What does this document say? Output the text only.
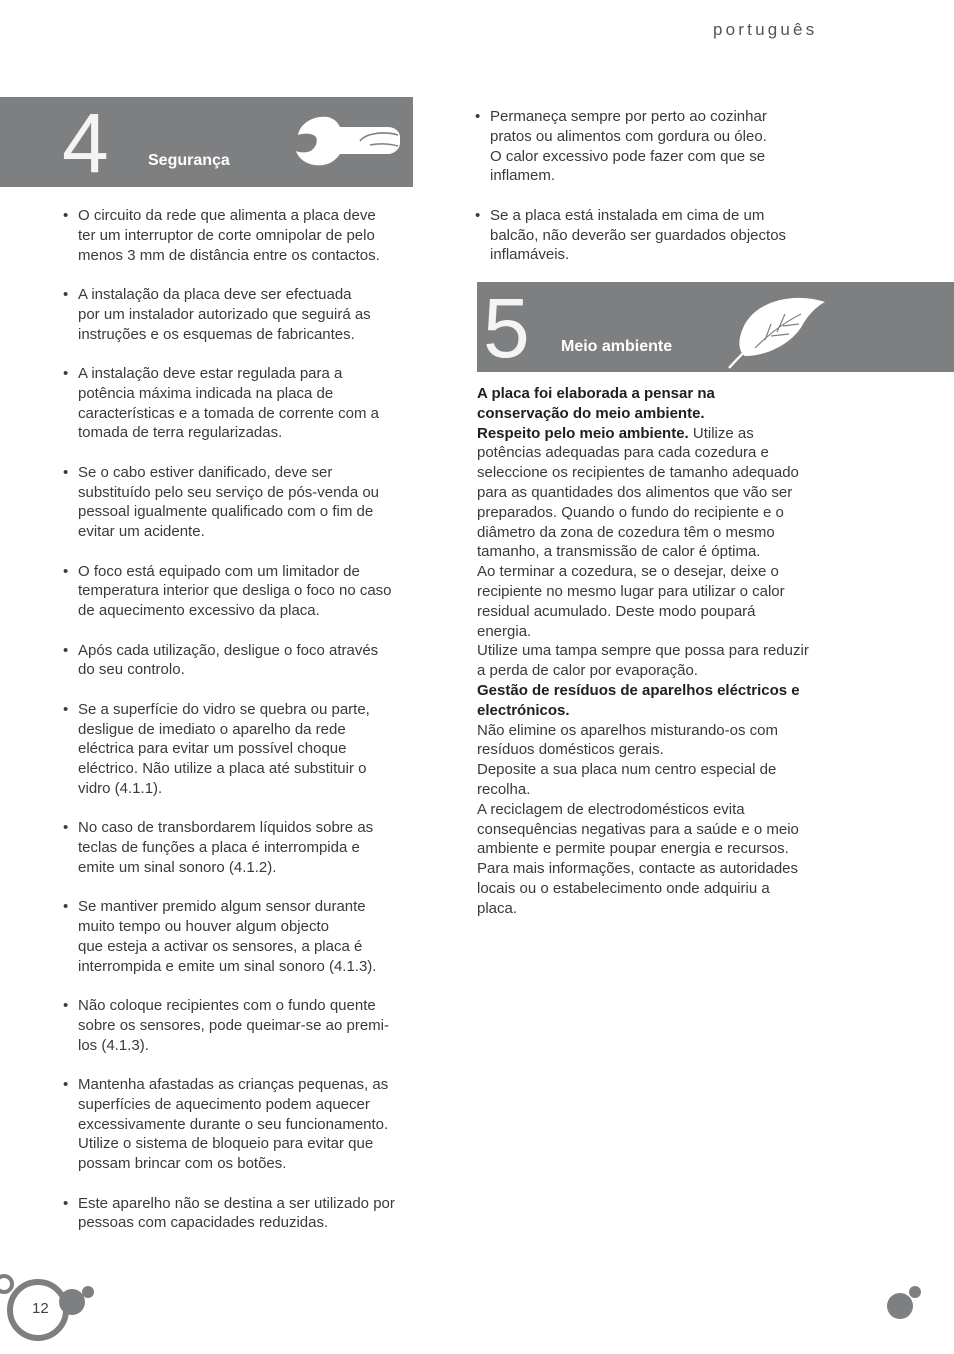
português
4 Segurança
• O circuito da rede que alimenta a placa deve
ter um interruptor de corte omnipolar de pelo
menos 3 mm de distância entre os contactos.
• A instalação da placa deve ser efectuada
por um instalador autorizado que seguirá as
instruções e os esquemas de fabricantes.
• A instalação deve estar regulada para a
potência máxima indicada na placa de
características e a tomada de corrente com a
tomada de terra regularizadas.
• Se o cabo estiver danificado, deve ser
substituído pelo seu serviço de pós-venda ou
pessoal igualmente qualificado com o fim de
evitar um acidente.
• O foco está equipado com um limitador de
temperatura interior que desliga o foco no caso
de aquecimento excessivo da placa.
• Após cada utilização, desligue o foco através
do seu controlo.
• Se a superfície do vidro se quebra ou parte,
desligue de imediato o aparelho da rede
eléctrica para evitar um possível choque
eléctrico. Não utilize a placa até substituir o
vidro (4.1.1).
• No caso de transbordarem líquidos sobre as
teclas de funções a placa é interrompida e
emite um sinal sonoro (4.1.2).
• Se mantiver premido algum sensor durante
muito tempo ou houver algum objecto
que esteja a activar os sensores, a placa é
interrompida e emite um sinal sonoro (4.1.3).
• Não coloque recipientes com o fundo quente
sobre os sensores, pode queimar-se ao premi-
los (4.1.3).
• Mantenha afastadas as crianças pequenas, as
superfícies de aquecimento podem aquecer
excessivamente durante o seu funcionamento.
Utilize o sistema de bloqueio para evitar que
possam brincar com os botões.
• Este aparelho não se destina a ser utilizado por
pessoas com capacidades reduzidas.
• Permaneça sempre por perto ao cozinhar
pratos ou alimentos com gordura ou óleo.
O calor excessivo pode fazer com que se
inflamem.
• Se a placa está instalada em cima de um
balcão, não deverão ser guardados objectos
inflamáveis.
5 Meio ambiente

A placa foi elaborada a pensar na
conservação do meio ambiente.

Respeito pelo meio ambiente. Utilize as
potências adequadas para cada cozedura e
seleccione os recipientes de tamanho adequado
para as quantidades dos alimentos que vão ser
preparados. Quando o fundo do recipiente e o
diâmetro da zona de cozedura têm o mesmo
tamanho, a transmissão de calor é óptima.
Ao terminar a cozedura, se o desejar, deixe o
recipiente no mesmo lugar para utilizar o calor
residual acumulado. Deste modo poupará
energia.
Utilize uma tampa sempre que possa para reduzir
a perda de calor por evaporação.

Gestão de resíduos de aparelhos eléctricos e
electrónicos.

Não elimine os aparelhos misturando-os com
resíduos domésticos gerais.
Deposite a sua placa num centro especial de
recolha.
A reciclagem de electrodomésticos evita
consequências negativas para a saúde e o meio
ambiente e permite poupar energia e recursos.
Para mais informações, contacte as autoridades
locais ou o estabelecimento onde adquiriu a
placa.

12
